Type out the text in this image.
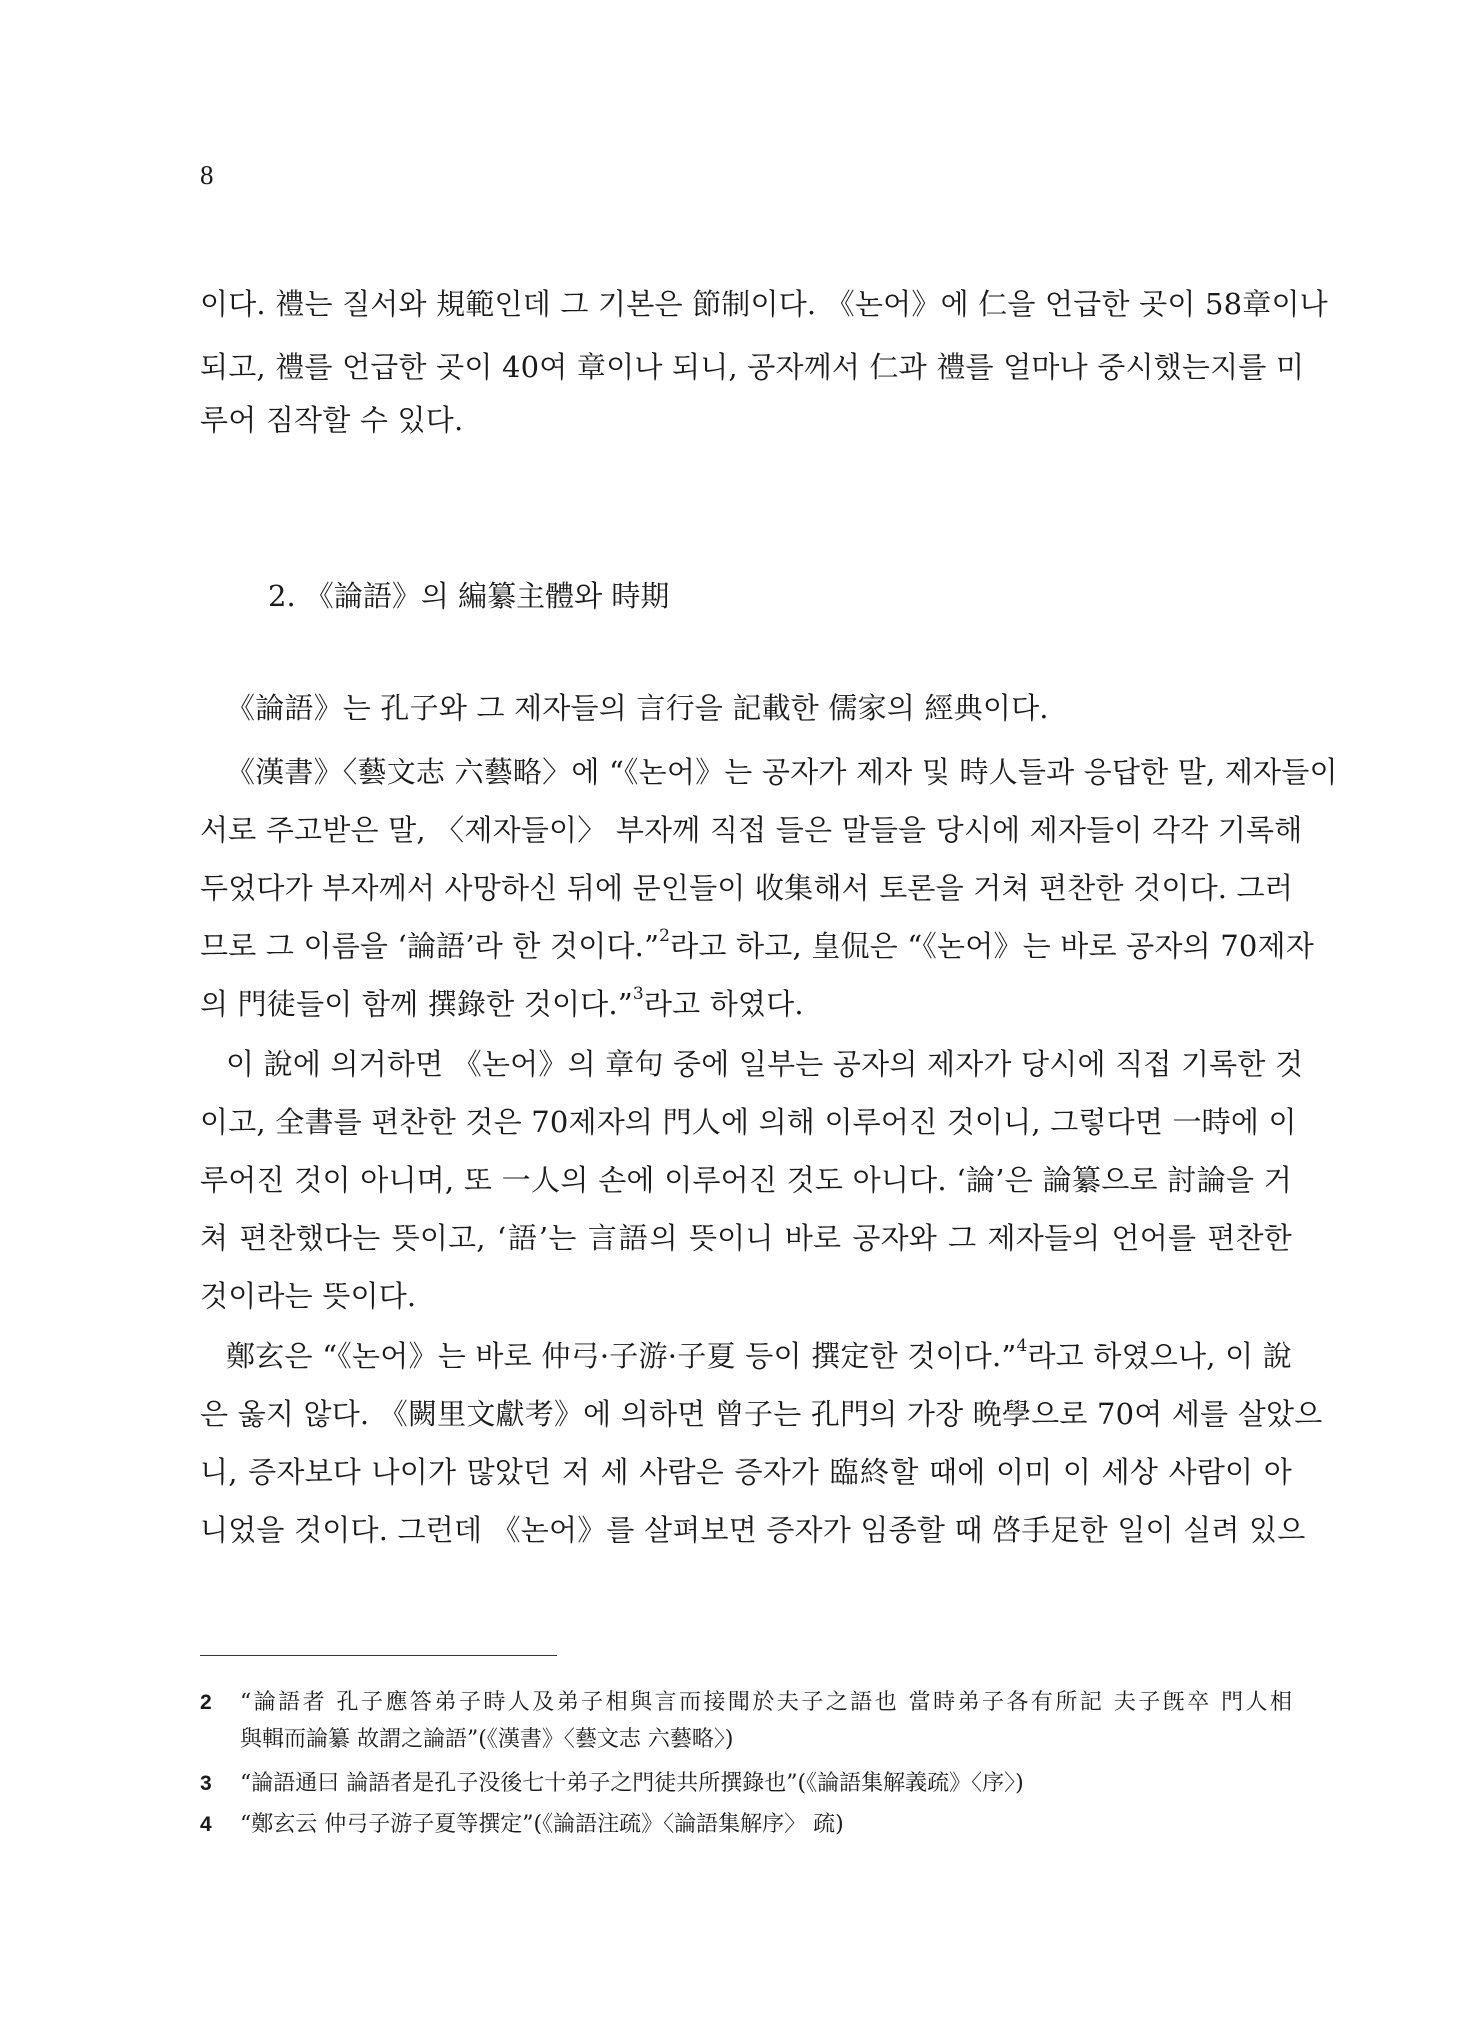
8
이다. 禮는 질서와 規範인데 그 기본은 節制이다. 《논어》에 仁을 언급한 곳이 58章이나
되고, 禮를 언급한 곳이 40여 章이나 되니, 공자께서 仁과 禮를 얼마나 중시했는지를 미
루어 짐작할 수 있다.
2. 《論語》의 編纂主體와 時期
《論語》는 孔子와 그 제자들의 言行을 記載한 儒家의 經典이다.
《漢書》〈藝文志 六藝略〉에 “《논어》는 공자가 제자 및 時人들과 응답한 말, 제자들이
서로 주고받은 말, 〈제자들이〉 부자께 직접 들은 말들을 당시에 제자들이 각각 기록해
두었다가 부자께서 사망하신 뒤에 문인들이 收集해서 토론을 거쳐 편찬한 것이다. 그러
므로 그 이름을 ‘論語’라 한 것이다.”$^2$라고 하고, 皇侃은 “《논어》는 바로 공자의 70제자
의 門徒들이 함께 撰錄한 것이다.”$^3$라고 하였다.
이 說에 의거하면 《논어》의 章句 중에 일부는 공자의 제자가 당시에 직접 기록한 것
이고, 全書를 편찬한 것은 70제자의 門人에 의해 이루어진 것이니, 그렇다면 一時에 이
루어진 것이 아니며, 또 一人의 손에 이루어진 것도 아니다. ‘論’은 論纂으로 討論을 거
쳐 편찬했다는 뜻이고, ‘語’는 言語의 뜻이니 바로 공자와 그 제자들의 언어를 편찬한
것이라는 뜻이다.
鄭玄은 “《논어》는 바로 仲弓·子游·子夏 등이 撰定한 것이다.”$^4$라고 하였으나, 이 說
은 옳지 않다. 《闕里文獻考》에 의하면 曾子는 孔門의 가장 晩學으로 70여 세를 살았으
니, 증자보다 나이가 많았던 저 세 사람은 증자가 臨終할 때에 이미 이 세상 사람이 아
니었을 것이다. 그런데 《논어》를 살펴보면 증자가 임종할 때 啓手足한 일이 실려 있으
2	“論語者 孔子應答弟子時人及弟子相與言而接聞於夫子之語也 當時弟子各有所記 夫子旣卒 門人相
與輯而論纂 故謂之論語”(《漢書》〈藝文志 六藝略〉)
3	“論語通曰 論語者是孔子没後七十弟子之門徒共所撰錄也”(《論語集解義疏》〈序〉)
4	“鄭玄云 仲弓子游子夏等撰定”(《論語注疏》〈論語集解序〉 疏)
